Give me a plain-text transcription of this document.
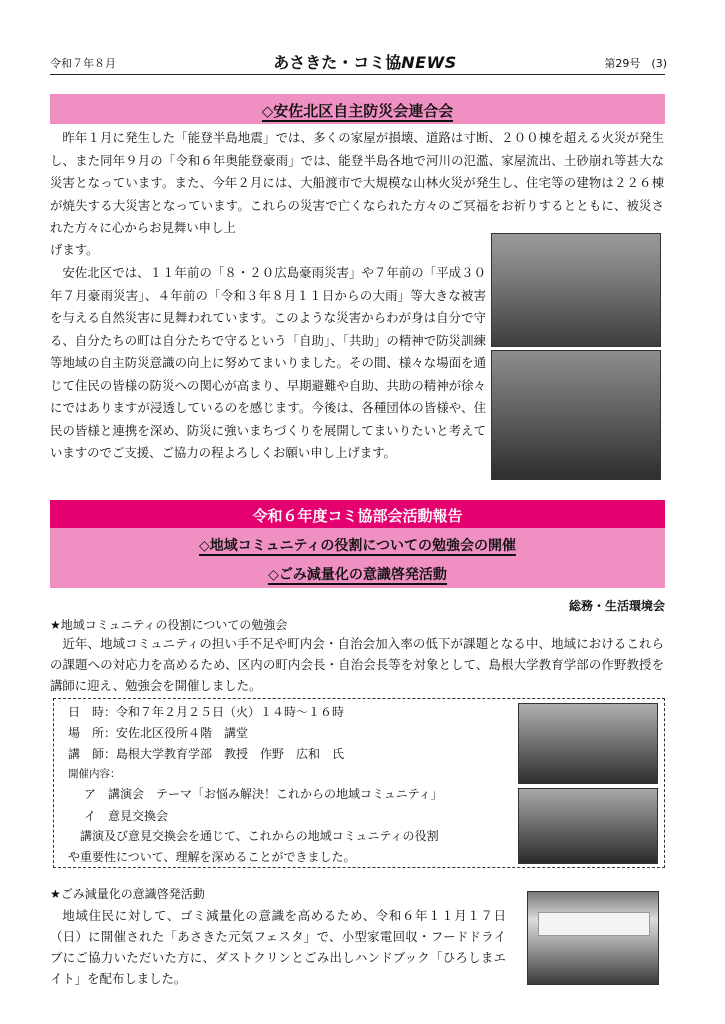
令和７年８月	あさきた・コミ協NEWS	第29号　(3)
◇安佐北区自主防災会連合会
昨年１月に発生した「能登半島地震」では、多くの家屋が損壊、道路は寸断、２００棟を超える火災が発生し、また同年９月の「令和６年奥能登豪雨」では、能登半島各地で河川の氾濫、家屋流出、土砂崩れ等甚大な災害となっています。また、今年２月には、大船渡市で大規模な山林火災が発生し、住宅等の建物は２２６棟が焼失する大災害となっています。これらの災害で亡くなられた方々のご冥福をお祈りするとともに、被災された方々に心からお見舞い申し上
げます。
安佐北区では、１１年前の「８・２０広島豪雨災害」や７年前の「平成３０年７月豪雨災害」、４年前の「令和３年８月１１日からの大雨」等大きな被害を与える自然災害に見舞われています。このような災害からわが身は自分で守る、自分たちの町は自分たちで守るという「自助」、「共助」の精神で防災訓練等地域の自主防災意識の向上に努めてまいりました。その間、様々な場面を通じて住民の皆様の防災への関心が高まり、早期避難や自助、共助の精神が徐々にではありますが浸透しているのを感じます。今後は、各種団体の皆様や、住民の皆様と連携を深め、防災に強いまちづくりを展開してまいりたいと考えていますのでご支援、ご協力の程よろしくお願い申し上げます。
令和６年度コミ協部会活動報告
◇地域コミュニティの役割についての勉強会の開催
◇ごみ減量化の意識啓発活動
総務・生活環境会
★地域コミュニティの役割についての勉強会
近年、地域コミュニティの担い手不足や町内会・自治会加入率の低下が課題となる中、地域におけるこれらの課題への対応力を高めるため、区内の町内会長・自治会長等を対象として、島根大学教育学部の作野教授を講師に迎え、勉強会を開催しました。
日　時：令和７年２月２５日（火）１４時～１６時
場　所：安佐北区役所４階　講堂
講　師：島根大学教育学部　教授　作野　広和　氏
開催内容：
ア　講演会　テーマ「お悩み解決！これからの地域コミュニティ」
イ　意見交換会
講演及び意見交換会を通じて、これからの地域コミュニティの役割
や重要性について、理解を深めることができました。
★ごみ減量化の意識啓発活動
地域住民に対して、ゴミ減量化の意識を高めるため、令和６年１１月１７日（日）に開催された「あさきた元気フェスタ」で、小型家電回収・フードドライブにご協力いただいた方に、ダストクリンとごみ出しハンドブック「ひろしまエイト」を配布しました。
